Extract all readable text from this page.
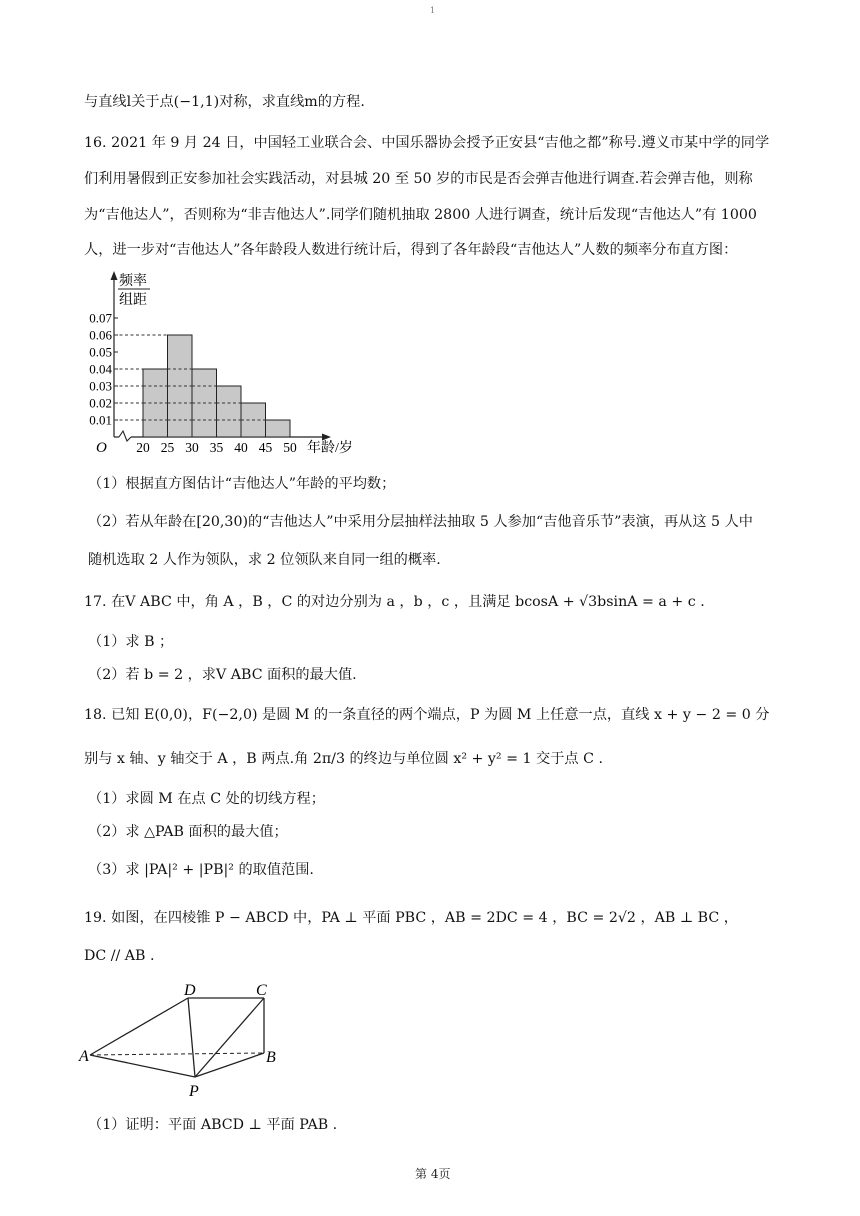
1
与直线l关于点(−1,1)对称，求直线m的方程.
16. 2021 年 9 月 24 日，中国轻工业联合会、中国乐器协会授予正安县“吉他之都”称号.遵义市某中学的同学
们利用暑假到正安参加社会实践活动，对县城 20 至 50 岁的市民是否会弹吉他进行调查.若会弹吉他，则称
为“吉他达人”，否则称为“非吉他达人”.同学们随机抽取 2800 人进行调查，统计后发现“吉他达人”有 1000
人，进一步对“吉他达人”各年龄段人数进行统计后，得到了各年龄段“吉他达人”人数的频率分布直方图：
频率
组距
0.01
0.02
0.03
0.04
0.05
0.06
0.07
20 25 30 35 40 45 50 年龄/岁
O
（1）根据直方图估计“吉他达人”年龄的平均数；
（2）若从年龄在[20,30)的“吉他达人”中采用分层抽样法抽取 5 人参加“吉他音乐节”表演，再从这 5 人中
随机选取 2 人作为领队，求 2 位领队来自同一组的概率.
17. 在V ABC 中，角 A ，B ，C 的对边分别为 a ，b ，c ，且满足 bcosA + √3bsinA = a + c .
（1）求 B ；
（2）若 b = 2 ，求V ABC 面积的最大值.
18. 已知 E(0,0)，F(−2,0) 是圆 M 的一条直径的两个端点，P 为圆 M 上任意一点，直线 x + y − 2 = 0 分
别与 x 轴、y 轴交于 A ，B 两点.角 2π/3 的终边与单位圆 x² + y² = 1 交于点 C .
（1）求圆 M 在点 C 处的切线方程；
（2）求 △PAB 面积的最大值；
（3）求 |PA|² + |PB|² 的取值范围.
19. 如图，在四棱锥 P − ABCD 中，PA ⊥ 平面 PBC ，AB = 2DC = 4 ，BC = 2√2 ，AB ⊥ BC ，
DC // AB .
A	B
C
D
P
（1）证明：平面 ABCD ⊥ 平面 PAB .
第 4页
